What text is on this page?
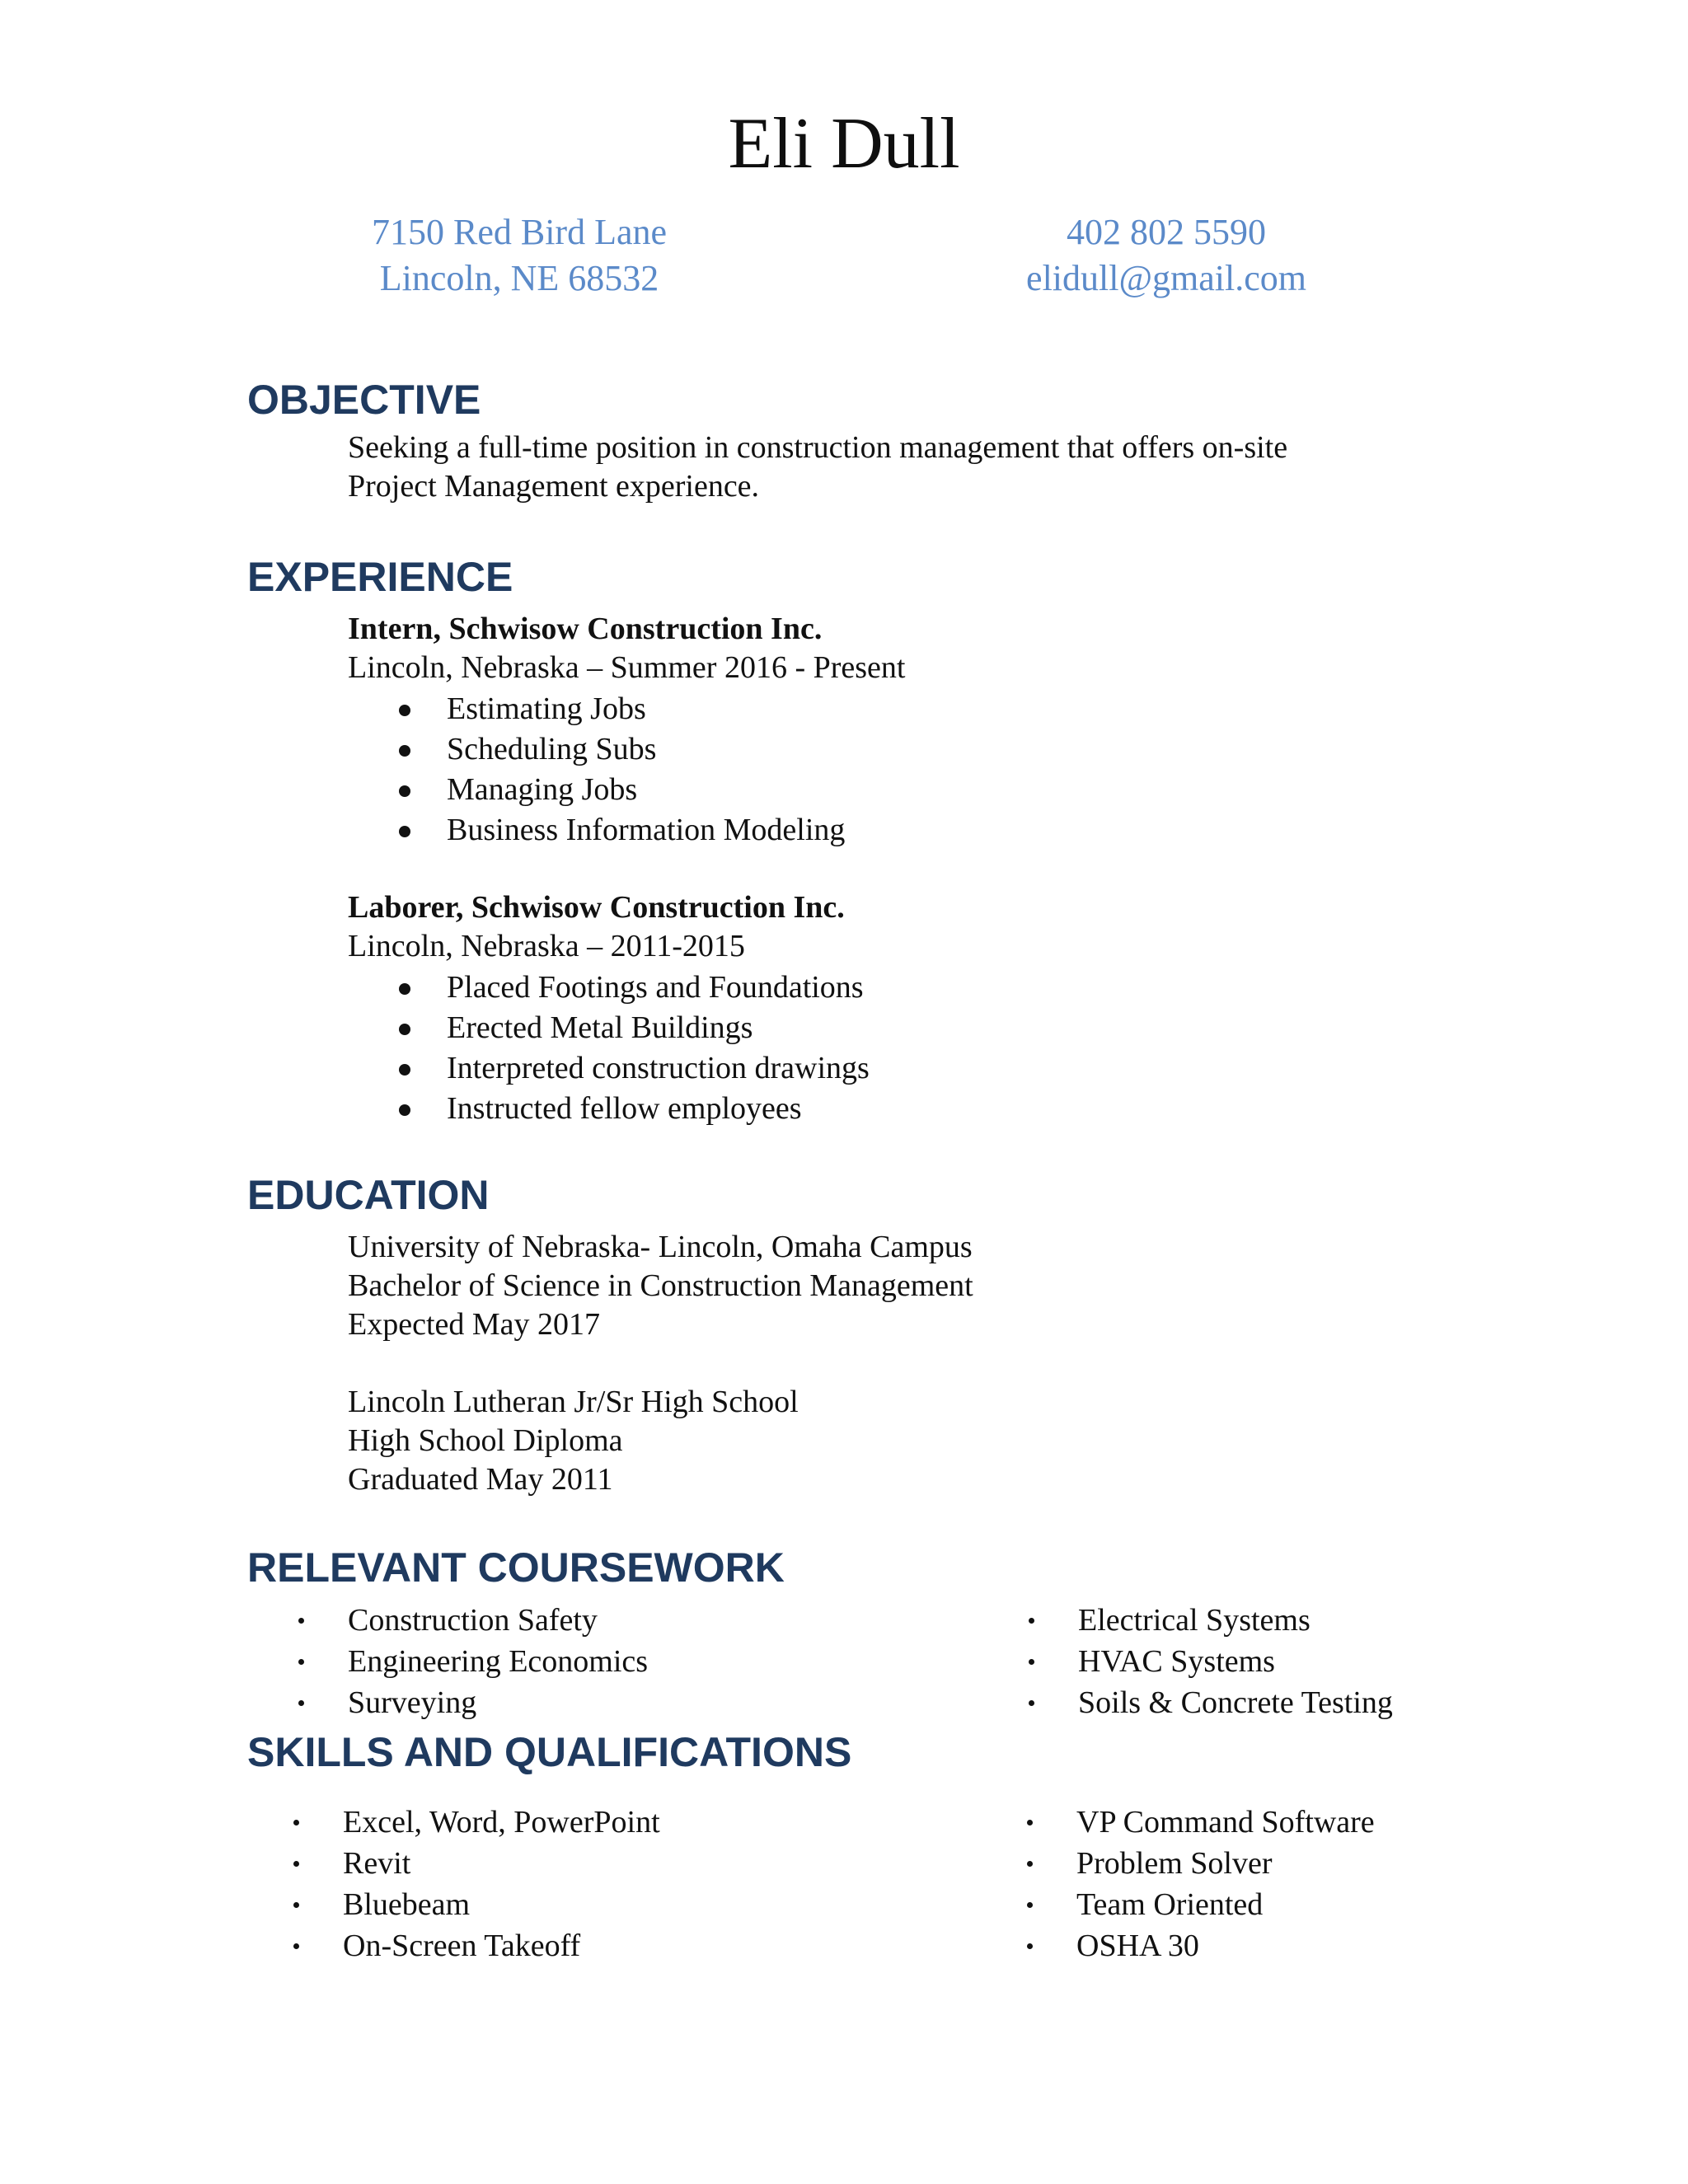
Eli Dull
7150 Red Bird Lane
Lincoln, NE 68532
402 802 5590
elidull@gmail.com
OBJECTIVE
Seeking a full-time position in construction management that offers on-site
Project Management experience.
EXPERIENCE
Intern, Schwisow Construction Inc.
Lincoln, Nebraska – Summer 2016 - Present
Estimating Jobs
Scheduling Subs
Managing Jobs
Business Information Modeling
Laborer, Schwisow Construction Inc.
Lincoln, Nebraska – 2011-2015
Placed Footings and Foundations
Erected Metal Buildings
Interpreted construction drawings
Instructed fellow employees
EDUCATION
University of Nebraska- Lincoln, Omaha Campus
Bachelor of Science in Construction Management
Expected May 2017
Lincoln Lutheran Jr/Sr High School
High School Diploma
Graduated May 2011
RELEVANT COURSEWORK
Construction Safety
Engineering Economics
Surveying
Electrical Systems
HVAC Systems
Soils & Concrete Testing
SKILLS AND QUALIFICATIONS
Excel, Word, PowerPoint
Revit
Bluebeam
On-Screen Takeoff
VP Command Software
Problem Solver
Team Oriented
OSHA 30
